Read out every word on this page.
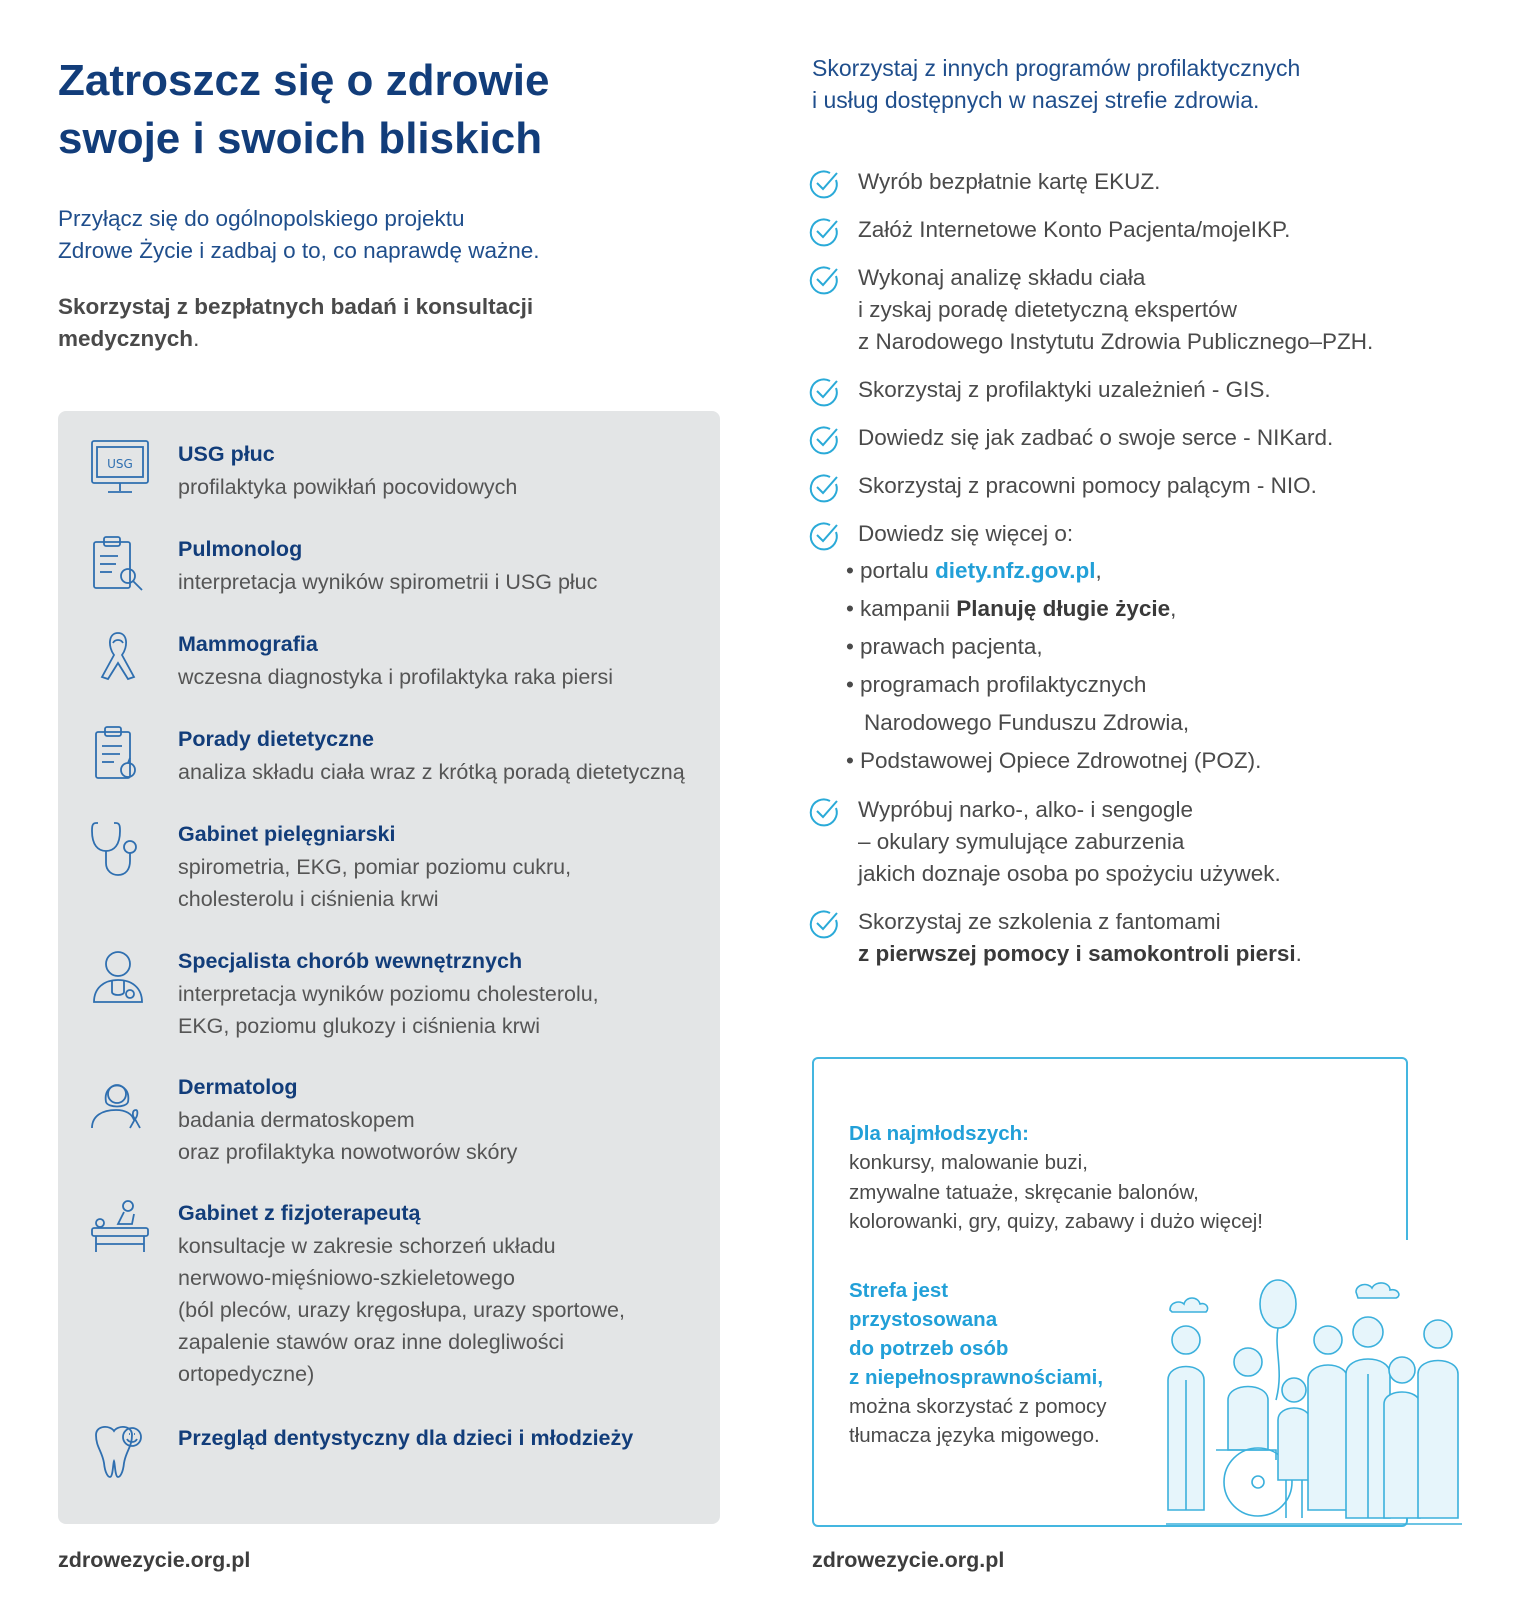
Zatroszcz się o zdrowie
swoje i swoich bliskich
Przyłącz się do ogólnopolskiego projektu
Zdrowe Życie i zadbaj o to, co naprawdę ważne.
Skorzystaj z bezpłatnych badań i konsultacji
medycznych.
USG USG płuc
profilaktyka powikłań pocovidowych
Pulmonolog
interpretacja wyników spirometrii i USG płuc
Mammografia
wczesna diagnostyka i profilaktyka raka piersi
Porady dietetyczne
analiza składu ciała wraz z krótką poradą dietetyczną
Gabinet pielęgniarski
spirometria, EKG, pomiar poziomu cukru,
cholesterolu i ciśnienia krwi
Specjalista chorób wewnętrznych
interpretacja wyników poziomu cholesterolu,
EKG, poziomu glukozy i ciśnienia krwi
Dermatolog
badania dermatoskopem
oraz profilaktyka nowotworów skóry
Gabinet z fizjoterapeutą
konsultacje w zakresie schorzeń układu
nerwowo-mięśniowo-szkieletowego
(ból pleców, urazy kręgosłupa, urazy sportowe,
zapalenie stawów oraz inne dolegliwości
ortopedyczne)
Przegląd dentystyczny dla dzieci i młodzieży
zdrowezycie.org.pl
Skorzystaj z innych programów profilaktycznych
i usług dostępnych w naszej strefie zdrowia.
Wyrób bezpłatnie kartę EKUZ.
Załóż Internetowe Konto Pacjenta/mojeIKP.
Wykonaj analizę składu ciała
i zyskaj poradę dietetyczną ekspertów
z Narodowego Instytutu Zdrowia Publicznego–PZH.
Skorzystaj z profilaktyki uzależnień - GIS.
Dowiedz się jak zadbać o swoje serce - NIKard.
Skorzystaj z pracowni pomocy palącym - NIO.
Dowiedz się więcej o:
• portalu diety.nfz.gov.pl,
• kampanii Planuję długie życie,
• prawach pacjenta,
• programach profilaktycznych
Narodowego Funduszu Zdrowia,
• Podstawowej Opiece Zdrowotnej (POZ).
Wypróbuj narko-, alko- i sengogle
– okulary symulujące zaburzenia
jakich doznaje osoba po spożyciu używek.
Skorzystaj ze szkolenia z fantomami
z pierwszej pomocy i samokontroli piersi.
Dla najmłodszych:
konkursy, malowanie buzi,
zmywalne tatuaże, skręcanie balonów,
kolorowanki, gry, quizy, zabawy i dużo więcej!
Strefa jest
przystosowana
do potrzeb osób
z niepełnosprawnościami,
można skorzystać z pomocy
tłumacza języka migowego.
zdrowezycie.org.pl
